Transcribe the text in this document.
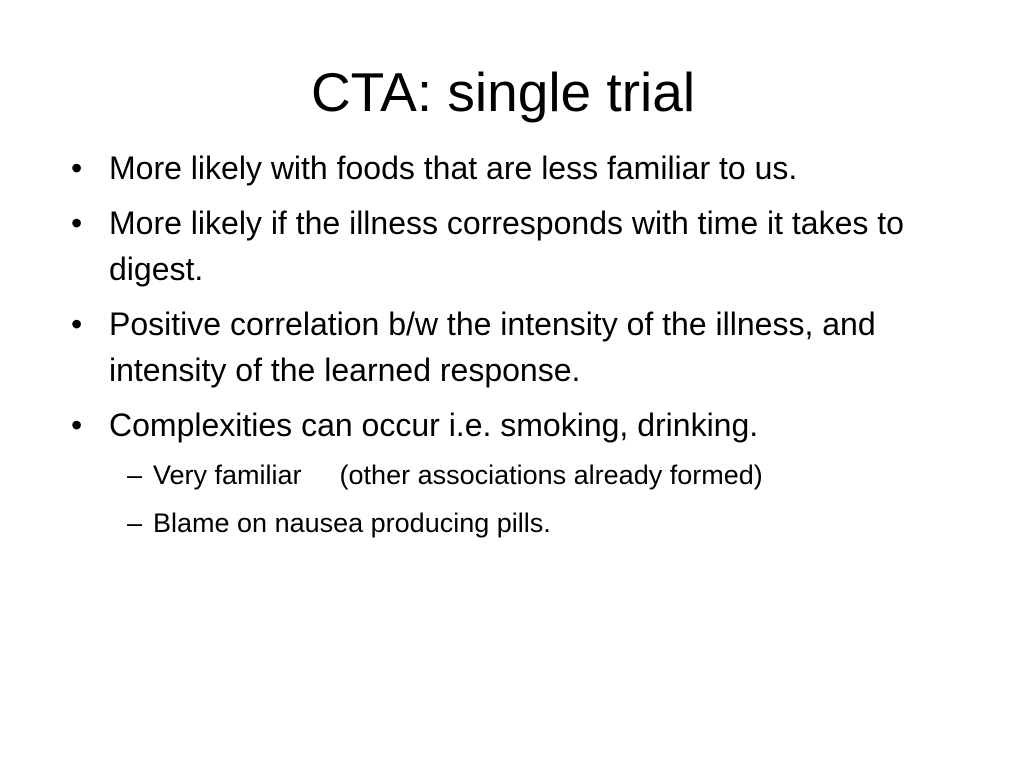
CTA: single trial
• More likely with foods that are less familiar to us.
• More likely if the illness corresponds with time it takes to digest.
• Positive correlation b/w the intensity of the illness, and intensity of the learned response.
• Complexities can occur i.e. smoking, drinking.
– Very familiar (other associations already formed)
– Blame on nausea producing pills.
